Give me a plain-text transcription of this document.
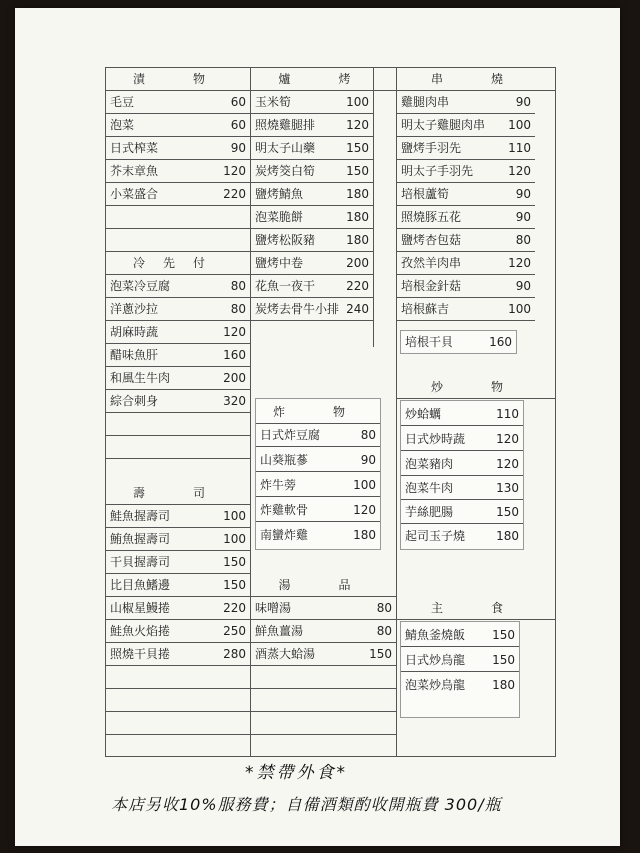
漬　物
毛豆	60
泡菜	60
日式榨菜	90
芥末章魚	120
小菜盛合	220
冷先付
泡菜冷豆腐	80
洋蔥沙拉	80
胡麻時蔬	120
醋味魚肝	160
和風生牛肉	200
綜合刺身	320
壽　司
鮭魚握壽司	100
鮪魚握壽司	100
干貝握壽司	150
比目魚鰭邊	150
山椒星鰻捲	220
鮭魚火焰捲	250
照燒干貝捲	280
爐　烤
玉米筍	100
照燒雞腿排	120
明太子山藥	150
炭烤筊白筍	150
鹽烤鯖魚	180
泡菜脆餅	180
鹽烤松阪豬	180
鹽烤中卷	200
花魚一夜干	220
炭烤去骨牛小排 240
炸　物
日式炸豆腐	80
山葵瓶蔘	90
炸牛蒡	100
炸雞軟骨	120
南蠻炸雞	180
湯　品
味噌湯	80
鮮魚薑湯	80
酒蒸大蛤湯	150
串　燒
雞腿肉串	90
明太子雞腿肉串 100
鹽烤手羽先	110
明太子手羽先	120
培根蘆筍	90
照燒豚五花	90
鹽烤杏包菇	80
孜然羊肉串	120
培根金針菇	90
培根蘇吉	100
培根干貝	160
炒　物
炒蛤蠣	110
日式炒時蔬	120
泡菜豬肉	120
泡菜牛肉	130
芋絲肥腸	150
起司玉子燒	180
主　食
鯖魚釜燒飯 150
日式炒烏龍 150
泡菜炒烏龍 180
*禁帶外食*
本店另收10%服務費；自備酒類酌收開瓶費 300/瓶
